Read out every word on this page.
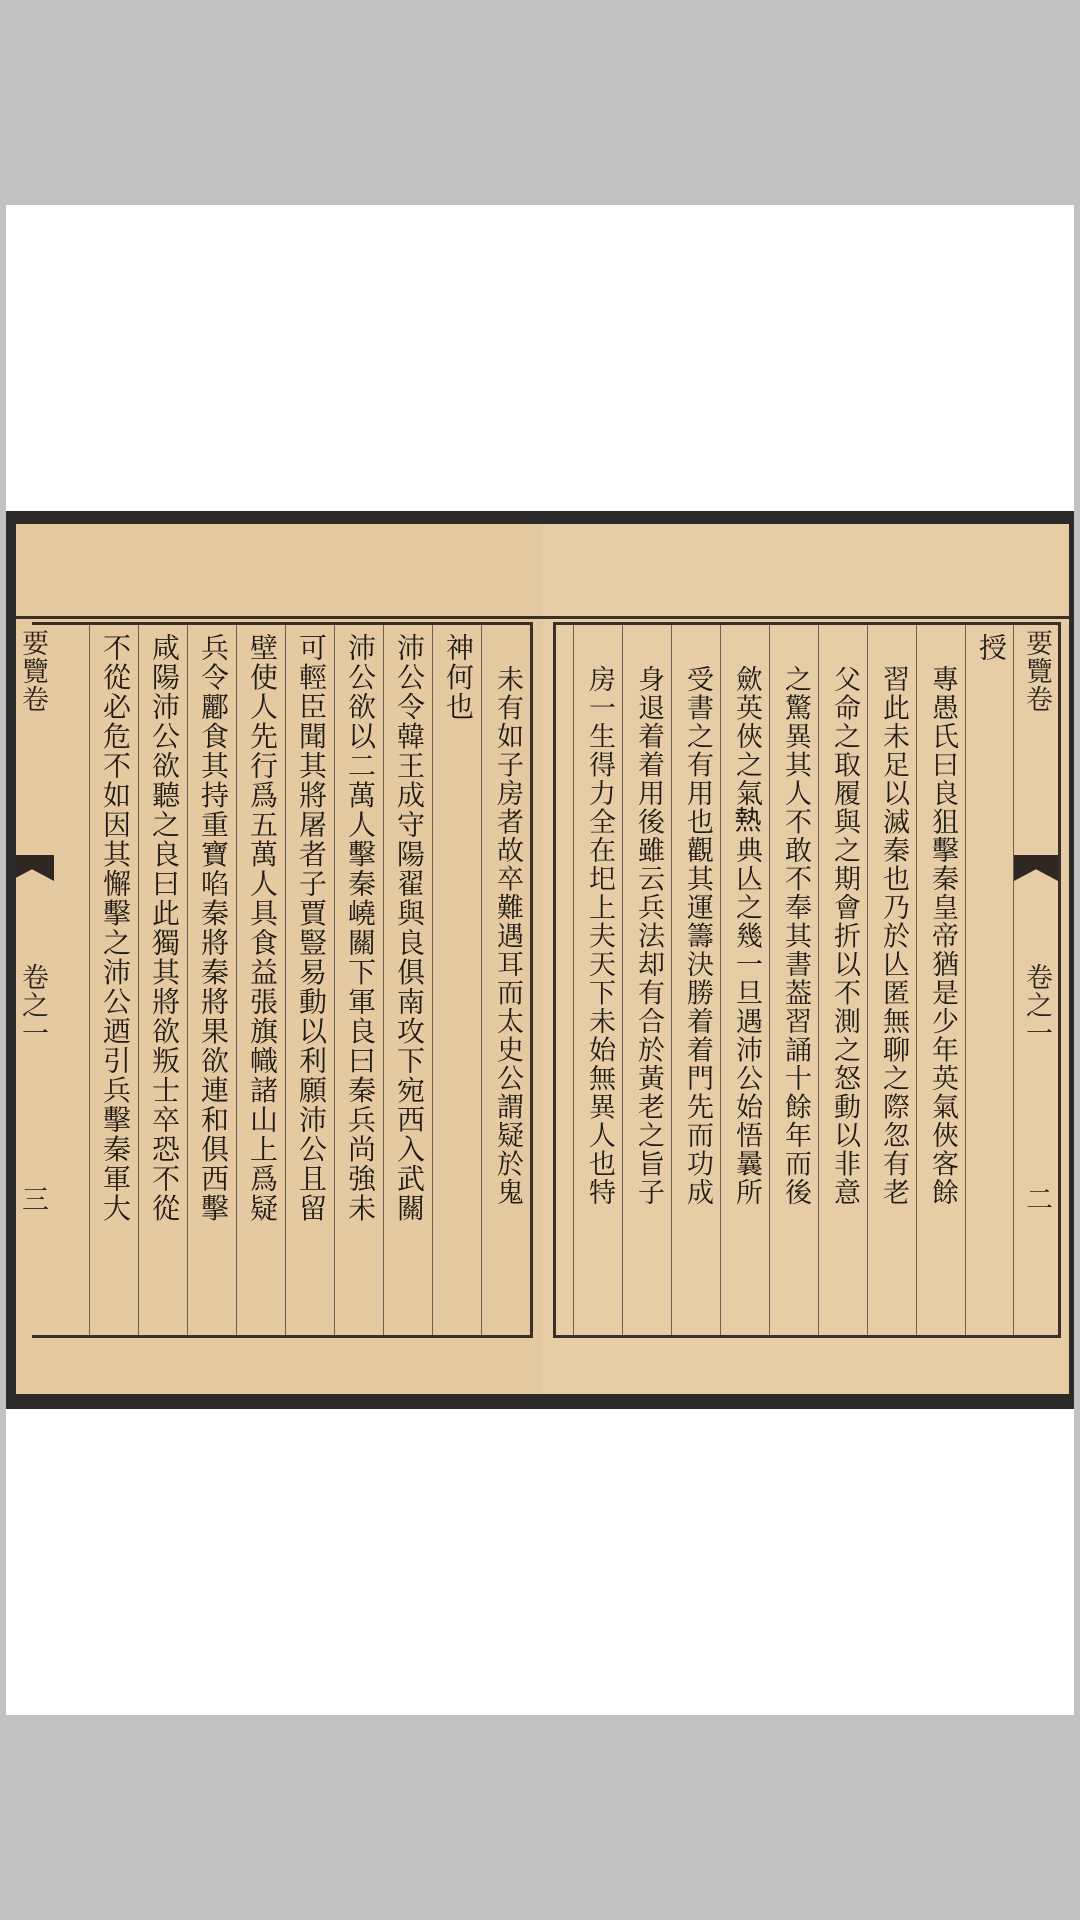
要覽卷
卷之一
二
授
專愚氏曰良狙擊秦皇帝猶是少年英氣俠客餘
習此未足以滅秦也乃於亾匿無聊之際忽有老
父命之取履與之期會折以不測之怒動以非意
之驚異其人不敢不奉其書葢習誦十餘年而後
歛英俠之氣𤍠典亾之幾一旦遇沛公始悟曩所
受書之有用也觀其運籌決勝着着門先而功成
身退着着用後雖云兵法却有合於黃老之旨子
房一生得力全在圯上夫天下未始無異人也特
要覽卷
卷之一
三	未有如子房者故卒難遇耳而太史公謂疑於鬼
神何也
沛公令韓王成守陽翟與良俱南攻下宛西入武關
沛公欲以二萬人擊秦嶢關下軍良曰秦兵尚強未
可輕臣聞其將屠者子賈豎易動以利願沛公且留
壁使人先行爲五萬人具食益張旗幟諸山上爲疑
兵令酈食其持重寶啗秦將秦將果欲連和俱西擊
咸陽沛公欲聽之良曰此獨其將欲叛士卒恐不從
不從必危不如因其懈擊之沛公迺引兵擊秦軍大
